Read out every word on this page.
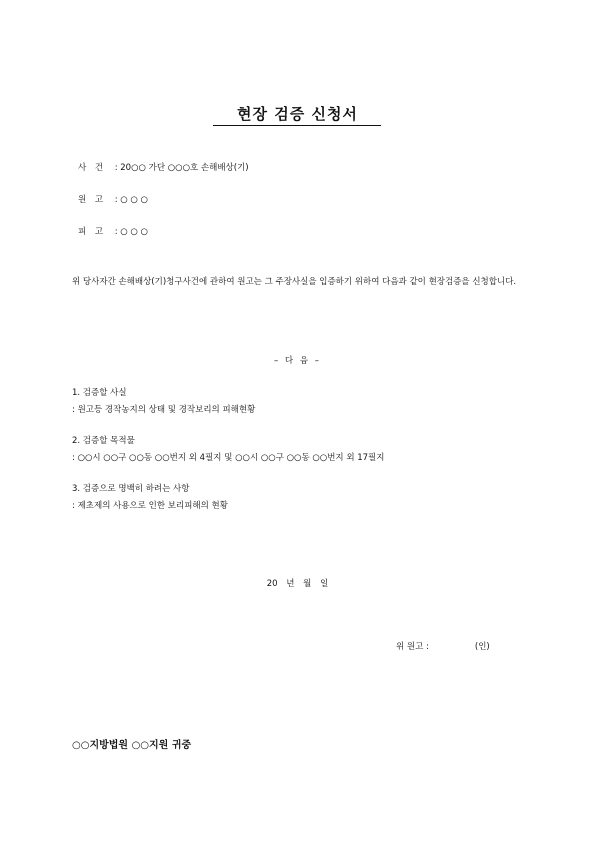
현장 검증 신청서
사 건 : 20○○ 가단 ○○○호 손해배상(기)
원 고 : ○ ○ ○
피 고 : ○ ○ ○
위 당사자간 손해배상(기)청구사건에 관하여 원고는 그 주장사실을 입증하기 위하여 다음과 같이 현장검증을 신청합니다.
– 다 음 –
1. 검증할 사실
: 원고등 경작농지의 상태 및 경작보리의 피해현황
2. 검증할 목적물
: ○○시 ○○구 ○○동 ○○번지 외 4필지 및 ○○시 ○○구 ○○동 ○○번지 외 17필지
3. 검증으로 명백히 하려는 사항
: 제초제의 사용으로 인한 보리피해의 현황
20 년 월 일
위 원고 :	(인)
○○지방법원 ○○지원 귀중
